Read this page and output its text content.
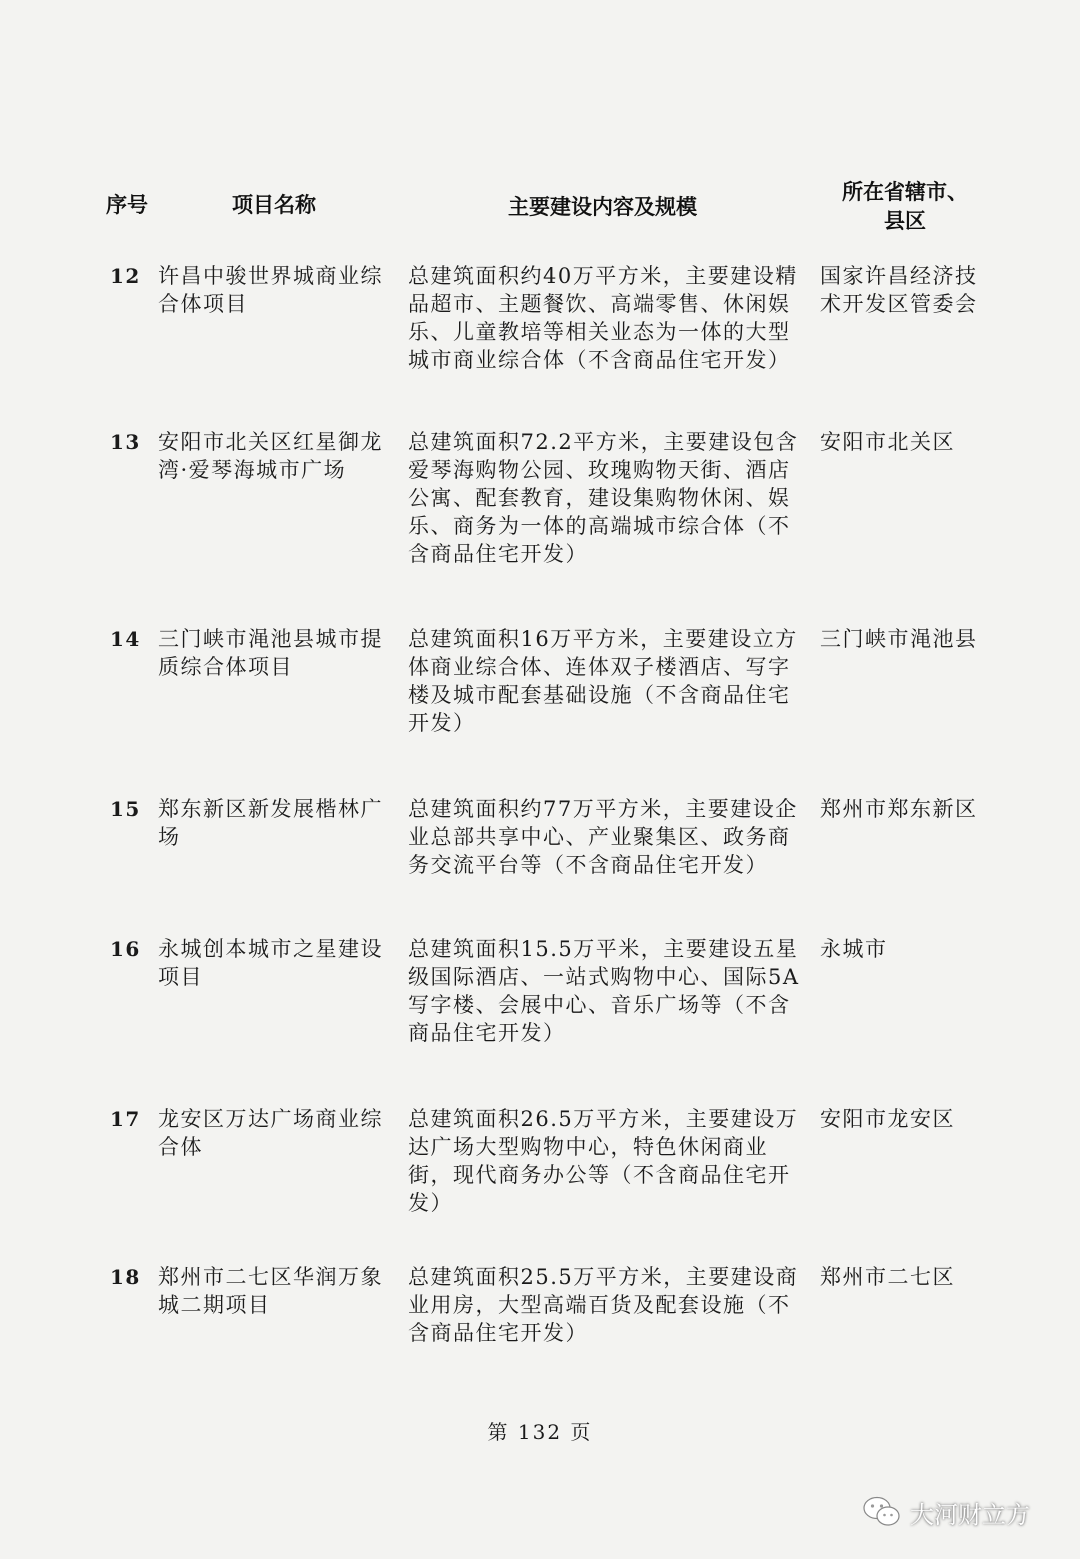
序号	项目名称	主要建设内容及规模
所在省辖市、
县区
12 许昌中骏世界城商业综合体项目
总建筑面积约40万平方米，主要建设精品超市、主题餐饮、高端零售、休闲娱乐、儿童教培等相关业态为一体的大型城市商业综合体（不含商品住宅开发）
国家许昌经济技术开发区管委会
13 安阳市北关区红星御龙湾·爱琴海城市广场
总建筑面积72.2平方米，主要建设包含爱琴海购物公园、玫瑰购物天街、酒店公寓、配套教育，建设集购物休闲、娱乐、商务为一体的高端城市综合体（不含商品住宅开发）
安阳市北关区
14 三门峡市渑池县城市提质综合体项目
总建筑面积16万平方米，主要建设立方体商业综合体、连体双子楼酒店、写字楼及城市配套基础设施（不含商品住宅开发）
三门峡市渑池县
15 郑东新区新发展楷林广场
总建筑面积约77万平方米，主要建设企业总部共享中心、产业聚集区、政务商务交流平台等（不含商品住宅开发）
郑州市郑东新区
16 永城创本城市之星建设项目
总建筑面积15.5万平米，主要建设五星级国际酒店、一站式购物中心、国际5A写字楼、会展中心、音乐广场等（不含商品住宅开发）
永城市
17 龙安区万达广场商业综合体
总建筑面积26.5万平方米，主要建设万达广场大型购物中心，特色休闲商业街，现代商务办公等（不含商品住宅开发）
安阳市龙安区
18 郑州市二七区华润万象城二期项目
总建筑面积25.5万平方米，主要建设商业用房，大型高端百货及配套设施（不含商品住宅开发）
郑州市二七区
第 132 页
大河财立方
